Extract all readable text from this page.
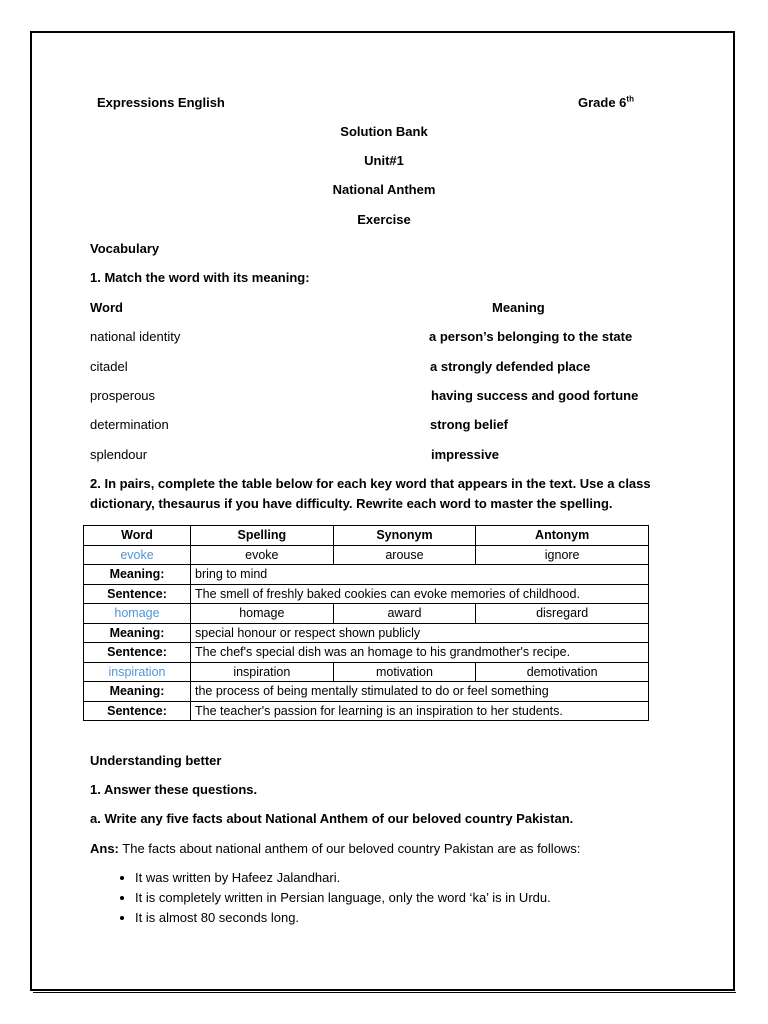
Expressions English	Grade 6th
Solution Bank
Unit#1
National Anthem
Exercise
Vocabulary
1. Match the word with its meaning:
Word	Meaning
national identity	a person’s belonging to the state
citadel	a strongly defended place
prosperous	having success and good fortune
determination	strong belief
splendour	impressive
2. In pairs, complete the table below for each key word that appears in the text. Use a class dictionary, thesaurus if you have difficulty. Rewrite each word to master the spelling.
Word	Spelling	Synonym	Antonym
evoke	evoke	arouse	ignore
Meaning:	bring to mind		
Sentence:	The smell of freshly baked cookies can evoke memories of childhood.		
homage	homage	award	disregard
Meaning:	special honour or respect shown publicly		
Sentence:	The chef's special dish was an homage to his grandmother's recipe.		
inspiration	inspiration	motivation	demotivation
Meaning:	the process of being mentally stimulated to do or feel something		
Sentence:	The teacher's passion for learning is an inspiration to her students.		
Understanding better
1. Answer these questions.
a. Write any five facts about National Anthem of our beloved country Pakistan.
Ans: The facts about national anthem of our beloved country Pakistan are as follows:
• It was written by Hafeez Jalandhari.
• It is completely written in Persian language, only the word ‘ka’ is in Urdu.
• It is almost 80 seconds long.
